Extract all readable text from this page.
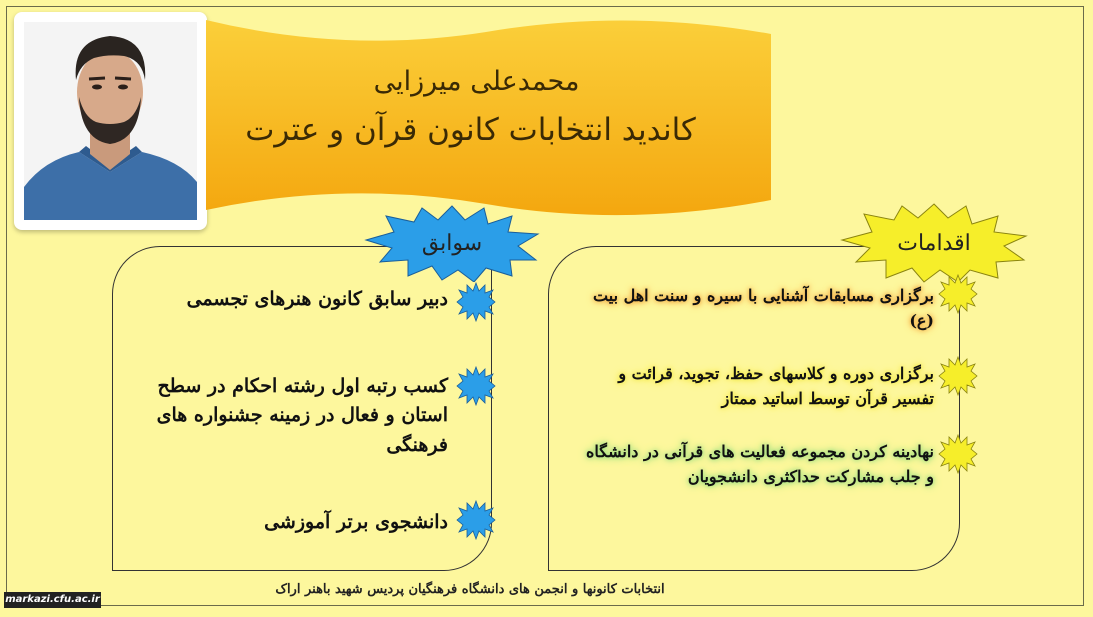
محمدعلی میرزایی
کاندید انتخابات کانون قرآن و عترت
سوابق
دبیر سابق کانون هنرهای تجسمی
کسب رتبه اول رشته احکام در سطح استان و فعال در زمینه جشنواره های فرهنگی
دانشجوی برتر آموزشی
اقدامات
برگزاری مسابقات آشنایی با سیره و سنت اهل بیت (ع)
برگزاری دوره و کلاسهای حفظ، تجوید، قرائت و تفسیر قرآن توسط اساتید ممتاز
نهادینه کردن مجموعه فعالیت های قرآنی در دانشگاه و جلب مشارکت حداکثری دانشجویان
انتخابات کانونها و انجمن های دانشگاه فرهنگیان پردیس شهید باهنر اراک
markazi.cfu.ac.ir
